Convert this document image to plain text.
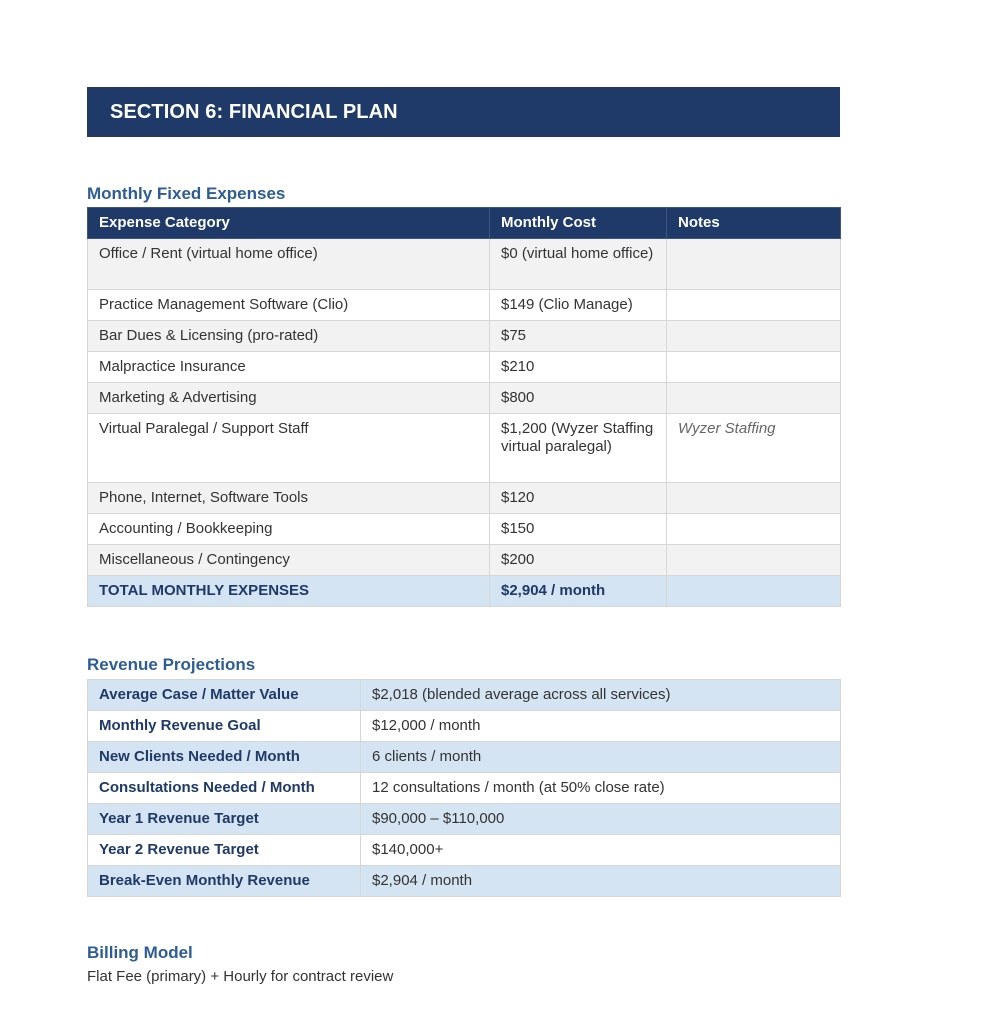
SECTION 6: FINANCIAL PLAN
Monthly Fixed Expenses
Expense Category	Monthly Cost	Notes
Office / Rent (virtual home office)	$0 (virtual home office)	
Practice Management Software (Clio)	$149 (Clio Manage)	
Bar Dues & Licensing (pro-rated)	$75	
Malpractice Insurance	$210	
Marketing & Advertising	$800	
Virtual Paralegal / Support Staff	$1,200 (Wyzer Staffing virtual paralegal)	Wyzer Staffing
Phone, Internet, Software Tools	$120	
Accounting / Bookkeeping	$150	
Miscellaneous / Contingency	$200	
TOTAL MONTHLY EXPENSES	$2,904 / month	
Revenue Projections
Average Case / Matter Value	$2,018 (blended average across all services)
Monthly Revenue Goal	$12,000 / month
New Clients Needed / Month	6 clients / month
Consultations Needed / Month	12 consultations / month (at 50% close rate)
Year 1 Revenue Target	$90,000 – $110,000
Year 2 Revenue Target	$140,000+
Break-Even Monthly Revenue	$2,904 / month
Billing Model
Flat Fee (primary) + Hourly for contract review
